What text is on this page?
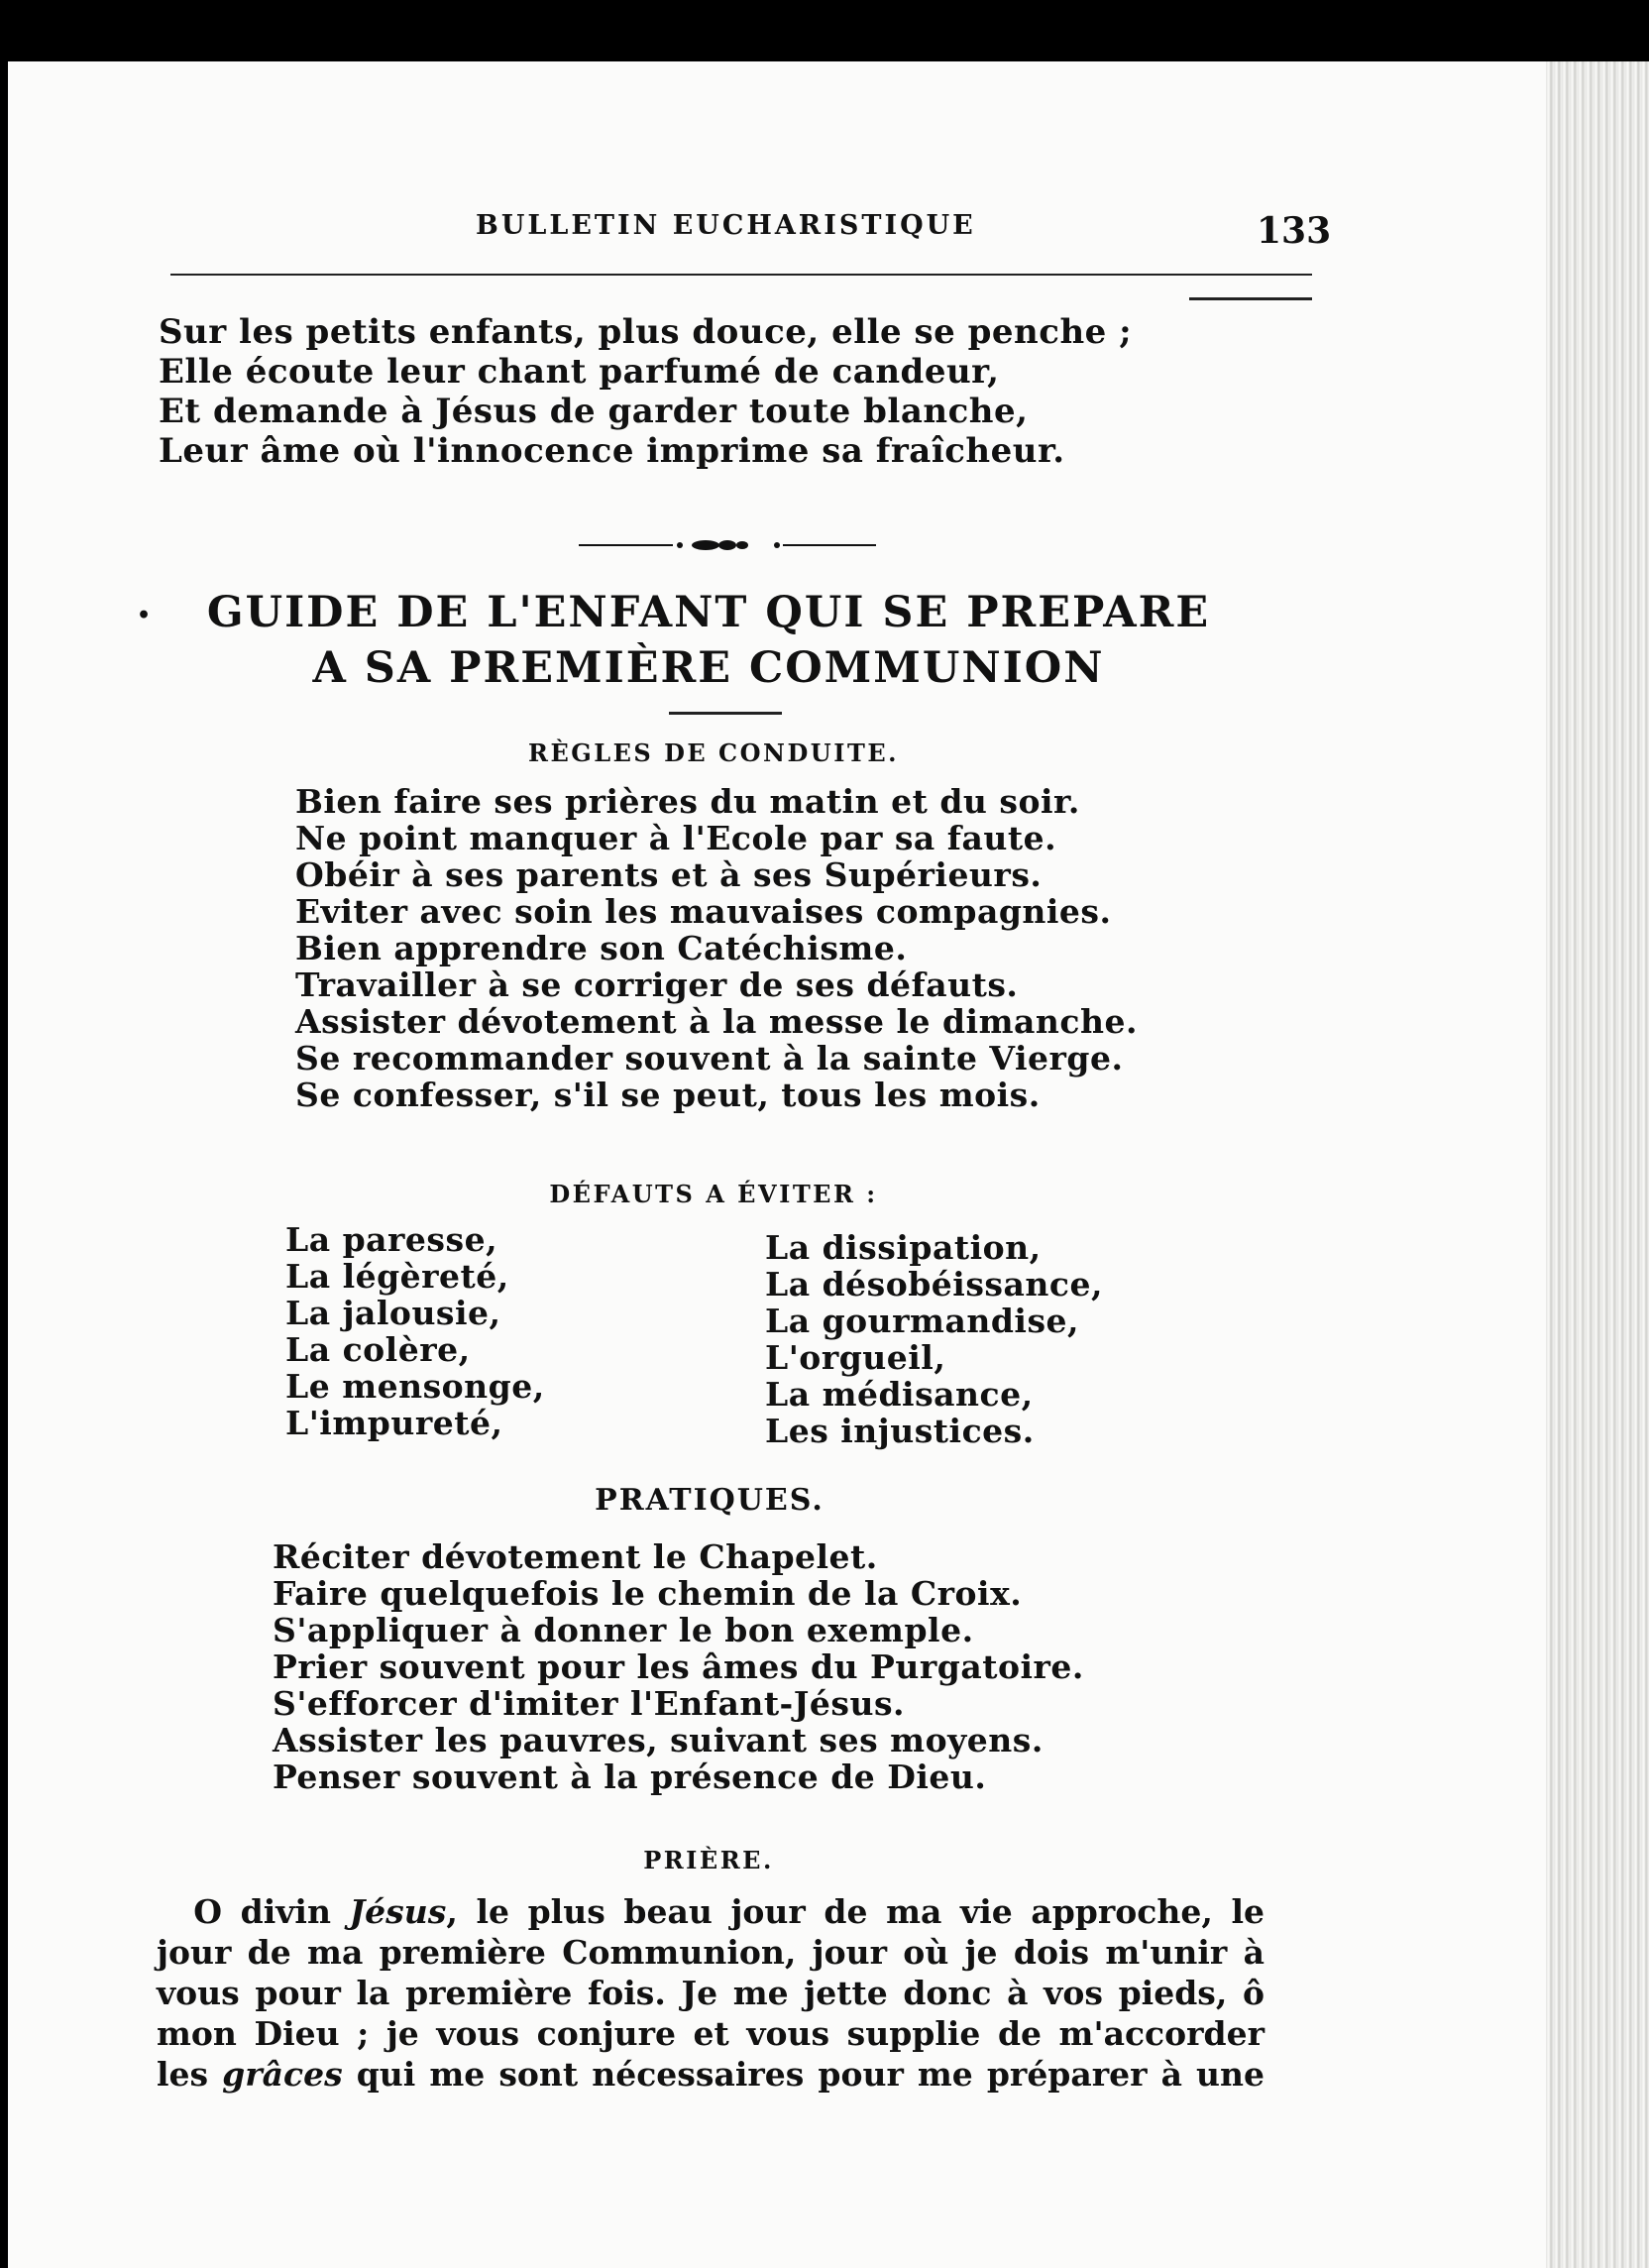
BULLETIN EUCHARISTIQUE	133
Sur les petits enfants, plus douce, elle se penche ;
Elle écoute leur chant parfumé de candeur,
Et demande à Jésus de garder toute blanche,
Leur âme où l'innocence imprime sa fraîcheur.
•	GUIDE DE L'ENFANT QUI SE PREPARE
A SA PREMIÈRE COMMUNION
RÈGLES DE CONDUITE.
Bien faire ses prières du matin et du soir.
Ne point manquer à l'Ecole par sa faute.
Obéir à ses parents et à ses Supérieurs.
Eviter avec soin les mauvaises compagnies.
Bien apprendre son Catéchisme.
Travailler à se corriger de ses défauts.
Assister dévotement à la messe le dimanche.
Se recommander souvent à la sainte Vierge.
Se confesser, s'il se peut, tous les mois.
DÉFAUTS A ÉVITER :
La paresse,
La légèreté,
La jalousie,
La colère,
Le mensonge,
L'impureté,
La dissipation,
La désobéissance,
La gourmandise,
L'orgueil,
La médisance,
Les injustices.
PRATIQUES.
Réciter dévotement le Chapelet.
Faire quelquefois le chemin de la Croix.
S'appliquer à donner le bon exemple.
Prier souvent pour les âmes du Purgatoire.
S'efforcer d'imiter l'Enfant-Jésus.
Assister les pauvres, suivant ses moyens.
Penser souvent à la présence de Dieu.
PRIÈRE.
O divin Jésus, le plus beau jour de ma vie approche, le
jour de ma première Communion, jour où je dois m'unir à
vous pour la première fois. Je me jette donc à vos pieds, ô
mon Dieu ; je vous conjure et vous supplie de m'accorder
les grâces qui me sont nécessaires pour me préparer à une
